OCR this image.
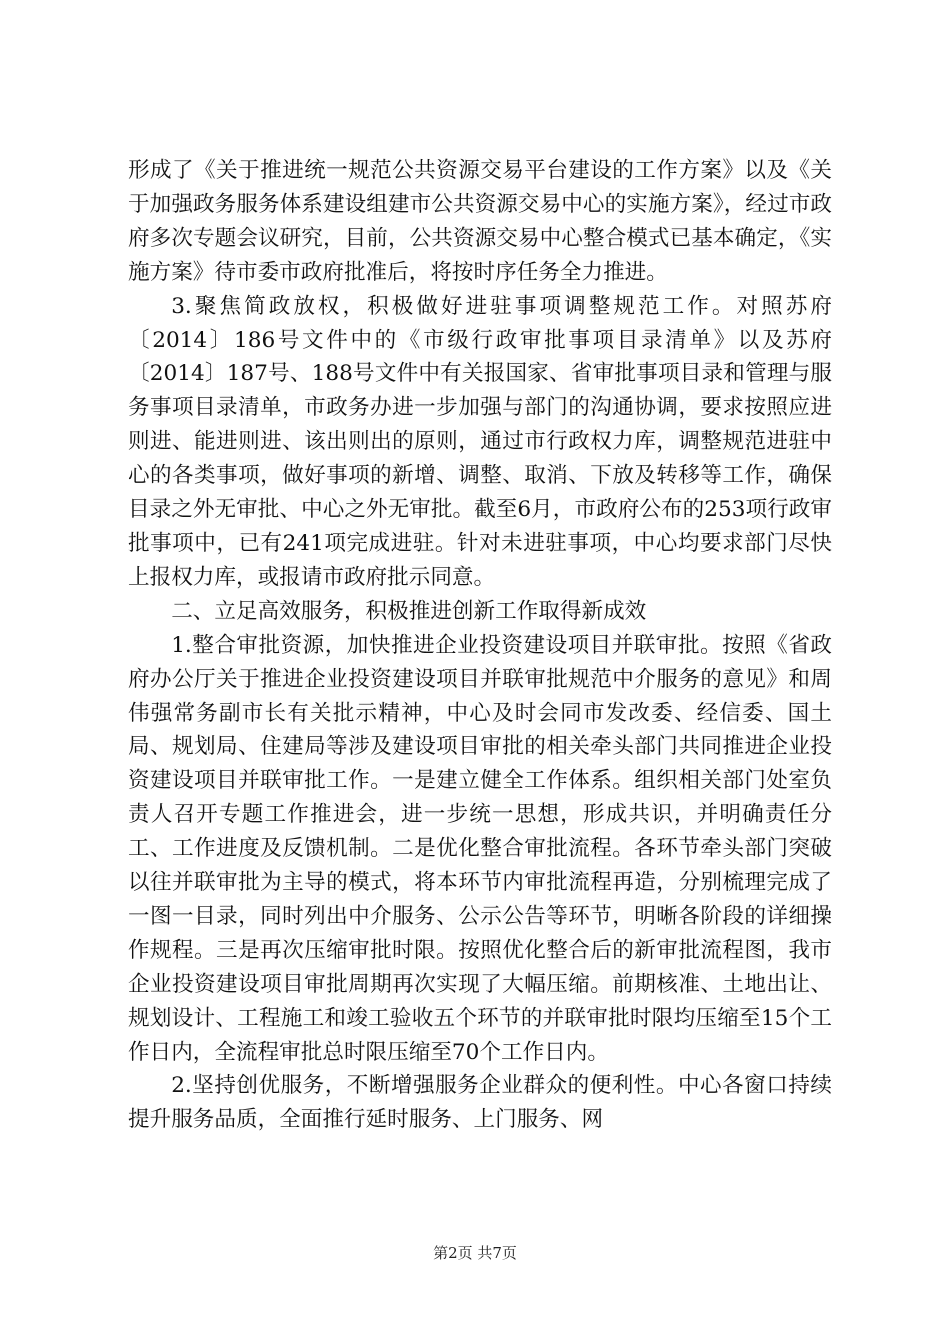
形成了《关于推进统一规范公共资源交易平台建设的工作方案》以及《关于加强政务服务体系建设组建市公共资源交易中心的实施方案》，经过市政府多次专题会议研究，目前，公共资源交易中心整合模式已基本确定，《实施方案》待市委市政府批准后，将按时序任务全力推进。

3.聚焦简政放权，积极做好进驻事项调整规范工作。对照苏府〔2014〕186号文件中的《市级行政审批事项目录清单》以及苏府〔2014〕187号、188号文件中有关报国家、省审批事项目录和管理与服务事项目录清单，市政务办进一步加强与部门的沟通协调，要求按照应进则进、能进则进、该出则出的原则，通过市行政权力库，调整规范进驻中心的各类事项，做好事项的新增、调整、取消、下放及转移等工作，确保目录之外无审批、中心之外无审批。截至6月，市政府公布的253项行政审批事项中，已有241项完成进驻。针对未进驻事项，中心均要求部门尽快上报权力库，或报请市政府批示同意。

二、立足高效服务，积极推进创新工作取得新成效

1.整合审批资源，加快推进企业投资建设项目并联审批。按照《省政府办公厅关于推进企业投资建设项目并联审批规范中介服务的意见》和周伟强常务副市长有关批示精神，中心及时会同市发改委、经信委、国土局、规划局、住建局等涉及建设项目审批的相关牵头部门共同推进企业投资建设项目并联审批工作。一是建立健全工作体系。组织相关部门处室负责人召开专题工作推进会，进一步统一思想，形成共识，并明确责任分工、工作进度及反馈机制。二是优化整合审批流程。各环节牵头部门突破以往并联审批为主导的模式，将本环节内审批流程再造，分别梳理完成了一图一目录，同时列出中介服务、公示公告等环节，明晰各阶段的详细操作规程。三是再次压缩审批时限。按照优化整合后的新审批流程图，我市企业投资建设项目审批周期再次实现了大幅压缩。前期核准、土地出让、规划设计、工程施工和竣工验收五个环节的并联审批时限均压缩至15个工作日内，全流程审批总时限压缩至70个工作日内。

2.坚持创优服务，不断增强服务企业群众的便利性。中心各窗口持续提升服务品质，全面推行延时服务、上门服务、网

第2页 共7页
